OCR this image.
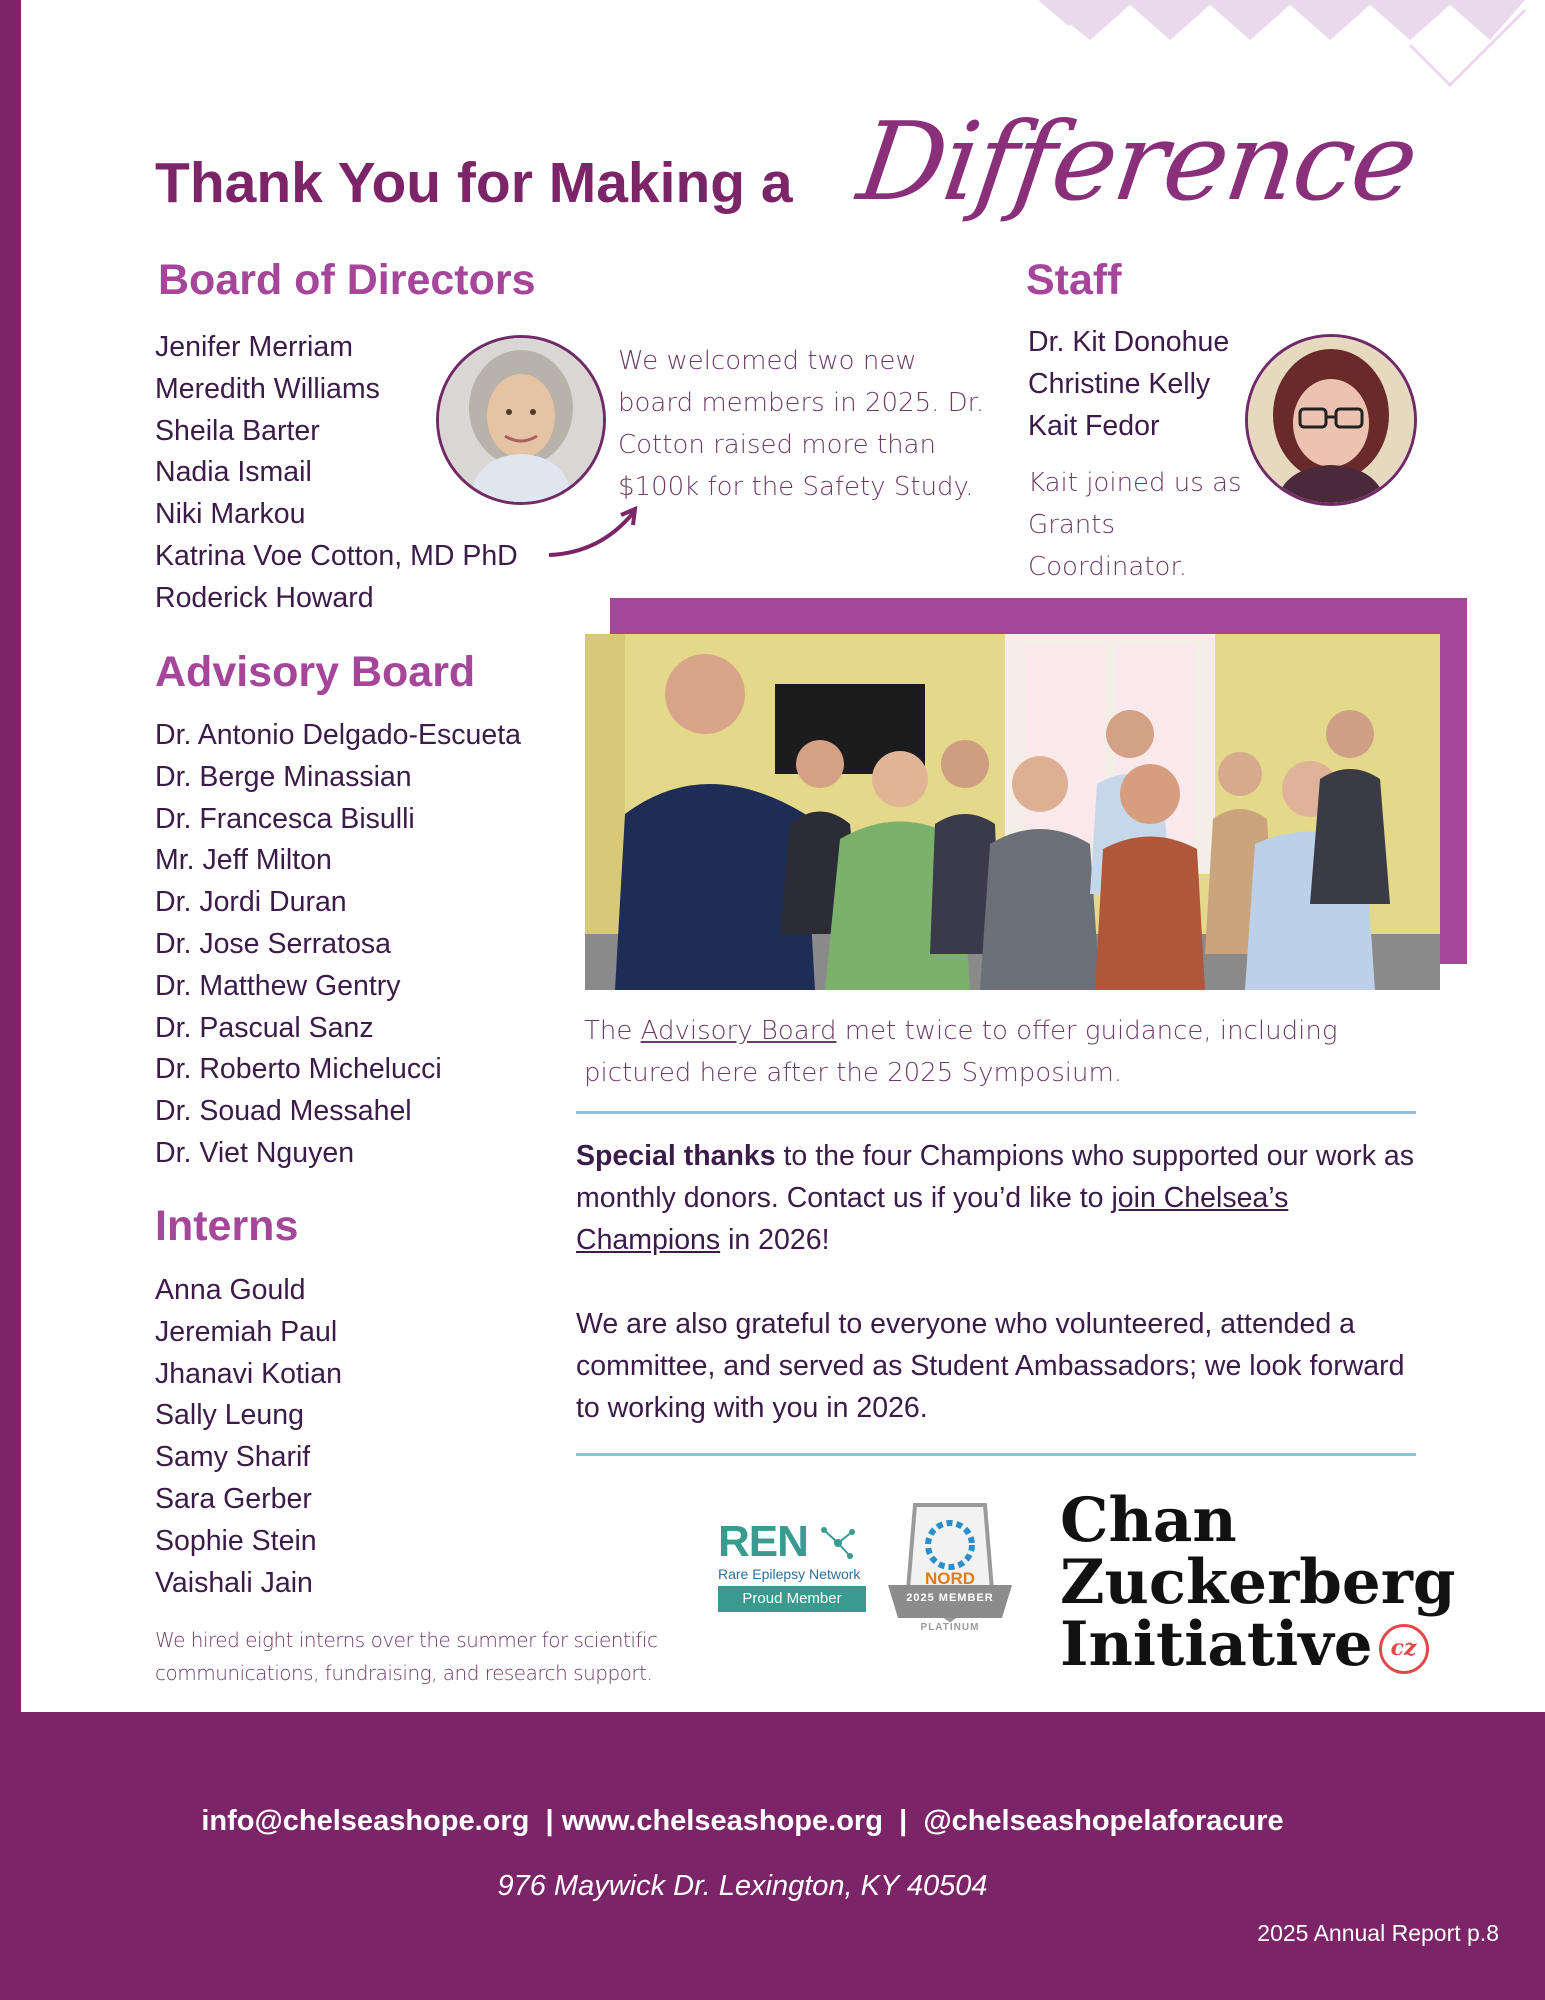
Thank You for Making a Difference
Board of Directors
Jenifer Merriam
Meredith Williams
Sheila Barter
Nadia Ismail
Niki Markou
Katrina Voe Cotton, MD PhD
Roderick Howard
We welcomed two new board members in 2025. Dr. Cotton raised more than $100k for the Safety Study.
Staff
Dr. Kit Donohue
Christine Kelly
Kait Fedor
Kait joined us as Grants Coordinator.
Advisory Board
Dr. Antonio Delgado-Escueta
Dr. Berge Minassian
Dr. Francesca Bisulli
Mr. Jeff Milton
Dr. Jordi Duran
Dr. Jose Serratosa
Dr. Matthew Gentry
Dr. Pascual Sanz
Dr. Roberto Michelucci
Dr. Souad Messahel
Dr. Viet Nguyen
Interns
Anna Gould
Jeremiah Paul
Jhanavi Kotian
Sally Leung
Samy Sharif
Sara Gerber
Sophie Stein
Vaishali Jain
We hired eight interns over the summer for scientific communications, fundraising, and research support.
The Advisory Board met twice to offer guidance, including pictured here after the 2025 Symposium.
Special thanks to the four Champions who supported our work as monthly donors. Contact us if you’d like to join Chelsea’s Champions in 2026!
We are also grateful to everyone who volunteered, attended a committee, and served as Student Ambassadors; we look forward to working with you in 2026.
REN
Rare Epilepsy Network
Proud Member
NORD
2025 MEMBER
PLATINUM
Chan
Zuckerberg
Initiative cz
info@chelseashope.org | www.chelseashope.org | @chelseashopelaforacure
976 Maywick Dr. Lexington, KY 40504
2025 Annual Report p.8
